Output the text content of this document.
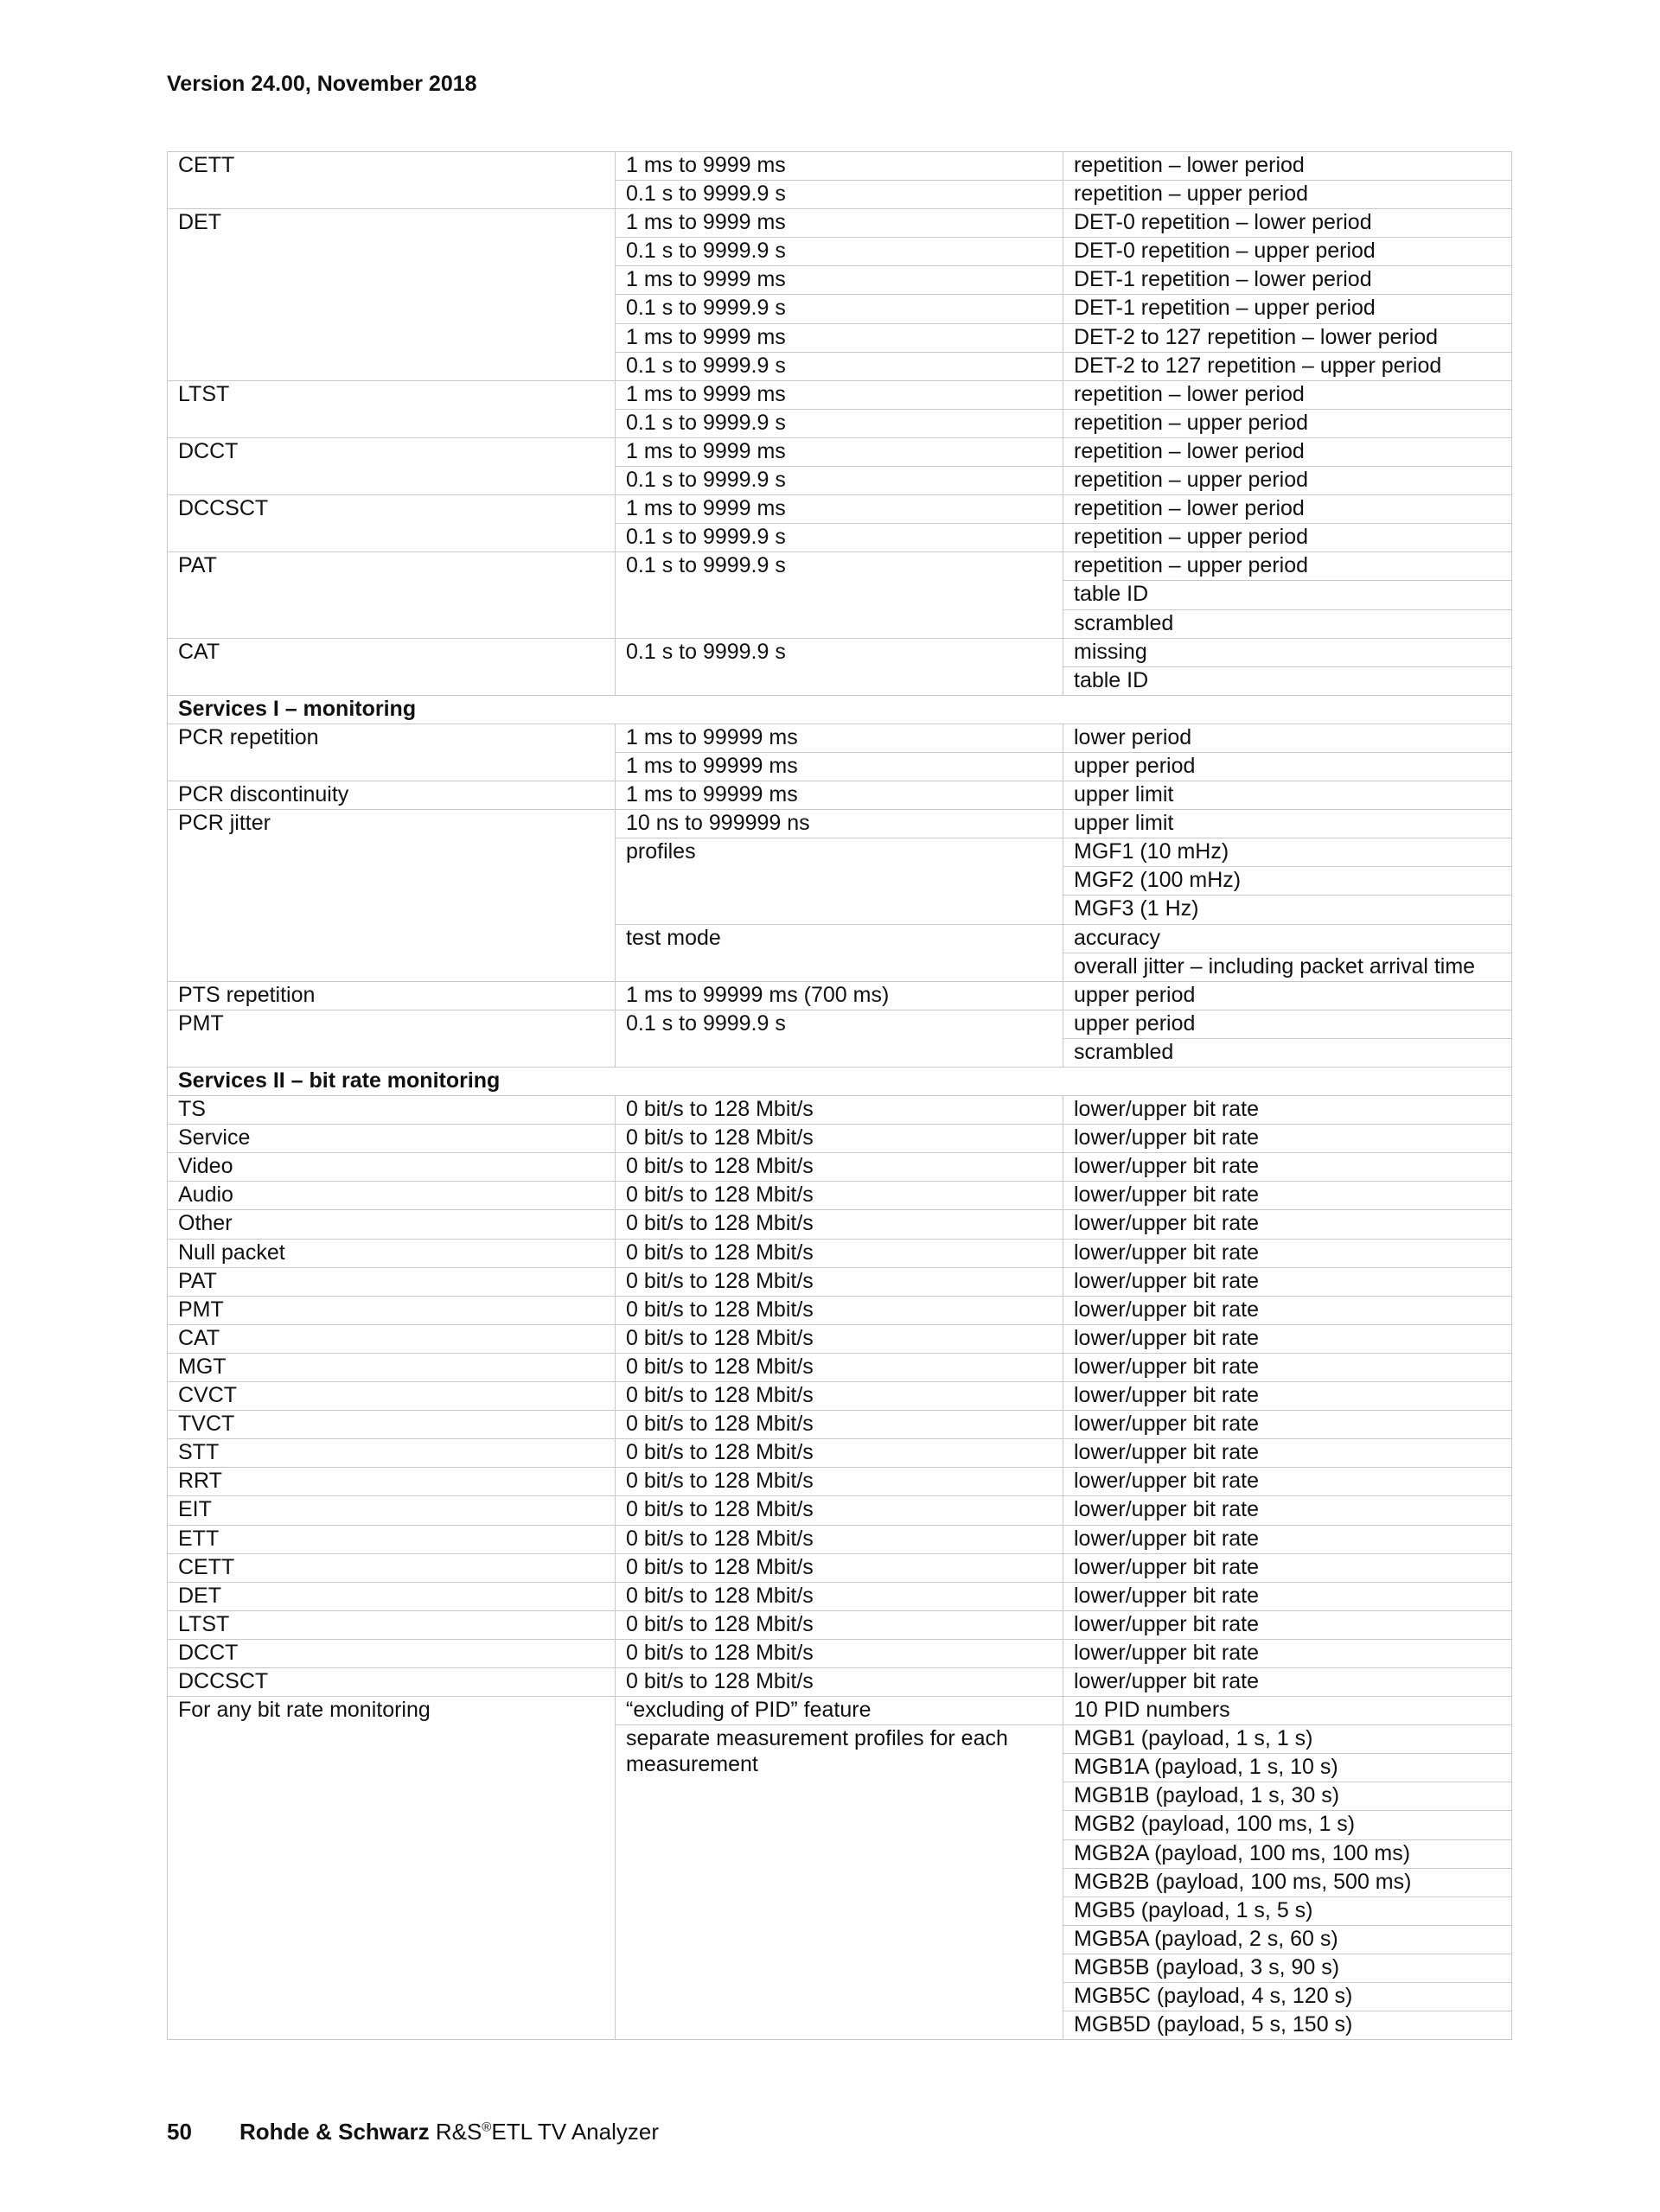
Version 24.00, November 2018
CETT	1 ms to 9999 ms	repetition – lower period
	0.1 s to 9999.9 s	repetition – upper period
DET	1 ms to 9999 ms	DET-0 repetition – lower period
	0.1 s to 9999.9 s	DET-0 repetition – upper period
	1 ms to 9999 ms	DET-1 repetition – lower period
	0.1 s to 9999.9 s	DET-1 repetition – upper period
	1 ms to 9999 ms	DET-2 to 127 repetition – lower period
	0.1 s to 9999.9 s	DET-2 to 127 repetition – upper period
LTST	1 ms to 9999 ms	repetition – lower period
	0.1 s to 9999.9 s	repetition – upper period
DCCT	1 ms to 9999 ms	repetition – lower period
	0.1 s to 9999.9 s	repetition – upper period
DCCSCT	1 ms to 9999 ms	repetition – lower period
	0.1 s to 9999.9 s	repetition – upper period
PAT	0.1 s to 9999.9 s	repetition – upper period
		table ID
		scrambled
CAT	0.1 s to 9999.9 s	missing
		table ID
Services I – monitoring		
PCR repetition	1 ms to 99999 ms	lower period
	1 ms to 99999 ms	upper period
PCR discontinuity	1 ms to 99999 ms	upper limit
PCR jitter	10 ns to 999999 ns	upper limit
	profiles	MGF1 (10 mHz)
		MGF2 (100 mHz)
		MGF3 (1 Hz)
	test mode	accuracy
		overall jitter – including packet arrival time
PTS repetition	1 ms to 99999 ms (700 ms)	upper period
PMT	0.1 s to 9999.9 s	upper period
		scrambled
Services II – bit rate monitoring		
TS	0 bit/s to 128 Mbit/s	lower/upper bit rate
Service	0 bit/s to 128 Mbit/s	lower/upper bit rate
Video	0 bit/s to 128 Mbit/s	lower/upper bit rate
Audio	0 bit/s to 128 Mbit/s	lower/upper bit rate
Other	0 bit/s to 128 Mbit/s	lower/upper bit rate
Null packet	0 bit/s to 128 Mbit/s	lower/upper bit rate
PAT	0 bit/s to 128 Mbit/s	lower/upper bit rate
PMT	0 bit/s to 128 Mbit/s	lower/upper bit rate
CAT	0 bit/s to 128 Mbit/s	lower/upper bit rate
MGT	0 bit/s to 128 Mbit/s	lower/upper bit rate
CVCT	0 bit/s to 128 Mbit/s	lower/upper bit rate
TVCT	0 bit/s to 128 Mbit/s	lower/upper bit rate
STT	0 bit/s to 128 Mbit/s	lower/upper bit rate
RRT	0 bit/s to 128 Mbit/s	lower/upper bit rate
EIT	0 bit/s to 128 Mbit/s	lower/upper bit rate
ETT	0 bit/s to 128 Mbit/s	lower/upper bit rate
CETT	0 bit/s to 128 Mbit/s	lower/upper bit rate
DET	0 bit/s to 128 Mbit/s	lower/upper bit rate
LTST	0 bit/s to 128 Mbit/s	lower/upper bit rate
DCCT	0 bit/s to 128 Mbit/s	lower/upper bit rate
DCCSCT	0 bit/s to 128 Mbit/s	lower/upper bit rate
For any bit rate monitoring	“excluding of PID” feature	10 PID numbers
	separate measurement profiles for each measurement	MGB1 (payload, 1 s, 1 s)
		MGB1A (payload, 1 s, 10 s)
		MGB1B (payload, 1 s, 30 s)
		MGB2 (payload, 100 ms, 1 s)
		MGB2A (payload, 100 ms, 100 ms)
		MGB2B (payload, 100 ms, 500 ms)
		MGB5 (payload, 1 s, 5 s)
		MGB5A (payload, 2 s, 60 s)
		MGB5B (payload, 3 s, 90 s)
		MGB5C (payload, 4 s, 120 s)
		MGB5D (payload, 5 s, 150 s)
50 Rohde & Schwarz R&S®ETL TV Analyzer
